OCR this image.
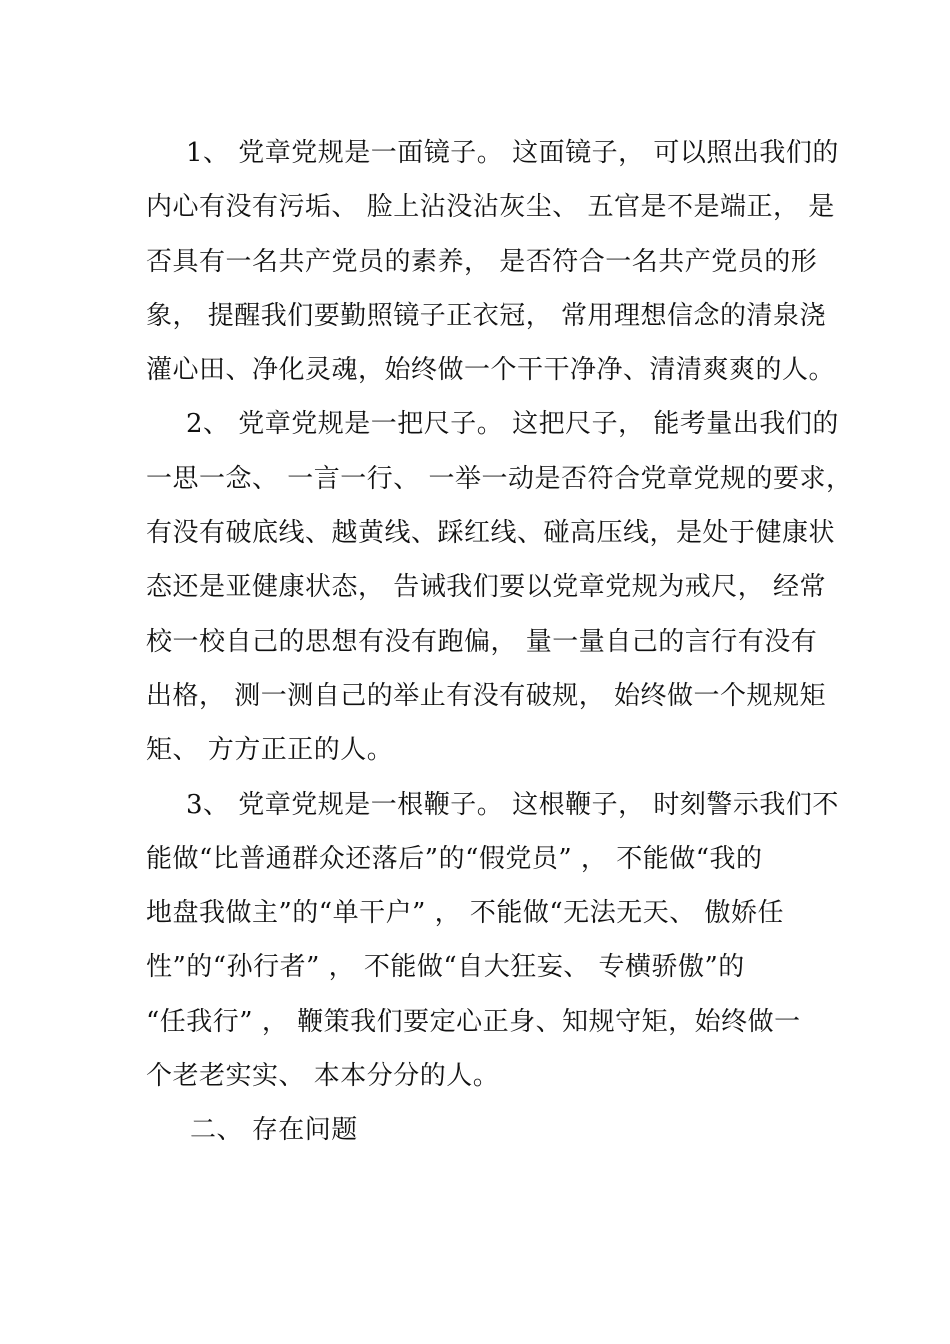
1、 党章党规是一面镜子。 这面镜子， 可以照出我们的
内心有没有污垢、 脸上沾没沾灰尘、 五官是不是端正， 是
否具有一名共产党员的素养， 是否符合一名共产党员的形
象， 提醒我们要勤照镜子正衣冠， 常用理想信念的清泉浇
灌心田、净化灵魂，始终做一个干干净净、清清爽爽的人。
2、 党章党规是一把尺子。 这把尺子， 能考量出我们的
一思一念、 一言一行、 一举一动是否符合党章党规的要求，
有没有破底线、越黄线、踩红线、碰高压线，是处于健康状
态还是亚健康状态， 告诫我们要以党章党规为戒尺， 经常
校一校自己的思想有没有跑偏， 量一量自己的言行有没有
出格， 测一测自己的举止有没有破规， 始终做一个规规矩
矩、 方方正正的人。
3、 党章党规是一根鞭子。 这根鞭子， 时刻警示我们不
能做“比普通群众还落后”的“假党员” ， 不能做“我的
地盘我做主”的“单干户” ， 不能做“无法无天、 傲娇任
性”的“孙行者” ， 不能做“自大狂妄、 专横骄傲”的
“任我行” ， 鞭策我们要定心正身、知规守矩，始终做一
个老老实实、 本本分分的人。
二、 存在问题
